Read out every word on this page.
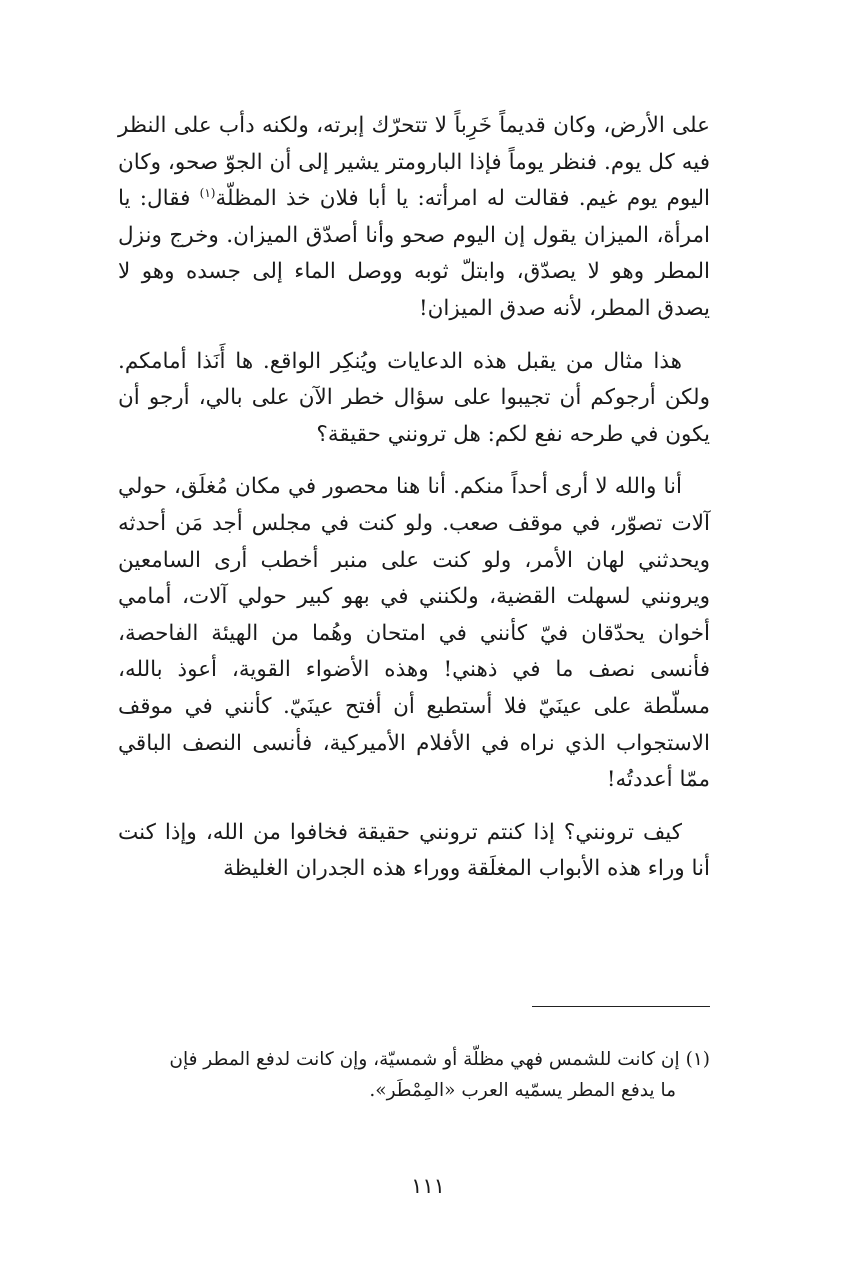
على الأرض، وكان قديماً خَرِباً لا تتحرّك إبرته، ولكنه دأب على النظر فيه كل يوم. فنظر يوماً فإذا البارومتر يشير إلى أن الجوّ صحو، وكان اليوم يوم غيم. فقالت له امرأته: يا أبا فلان خذ المظلّة$^{(١)}$ فقال: يا امرأة، الميزان يقول إن اليوم صحو وأنا أصدّق الميزان. وخرج ونزل المطر وهو لا يصدّق، وابتلّ ثوبه ووصل الماء إلى جسده وهو لا يصدق المطر، لأنه صدق الميزان!

هذا مثال من يقبل هذه الدعايات ويُنكِر الواقع. ها أَنَذا أمامكم. ولكن أرجوكم أن تجيبوا على سؤال خطر الآن على بالي، أرجو أن يكون في طرحه نفع لكم: هل ترونني حقيقة؟

أنا والله لا أرى أحداً منكم. أنا هنا محصور في مكان مُغلَق، حولي آلات تصوّر، في موقف صعب. ولو كنت في مجلس أجد مَن أحدثه ويحدثني لهان الأمر، ولو كنت على منبر أخطب أرى السامعين ويرونني لسهلت القضية، ولكنني في بهو كبير حولي آلات، أمامي أخوان يحدّقان فيّ كأنني في امتحان وهُما من الهيئة الفاحصة، فأنسى نصف ما في ذهني! وهذه الأضواء القوية، أعوذ بالله، مسلّطة على عينَيّ فلا أستطيع أن أفتح عينَيّ. كأنني في موقف الاستجواب الذي نراه في الأفلام الأميركية، فأنسى النصف الباقي ممّا أعددتُه!

كيف ترونني؟ إذا كنتم ترونني حقيقة فخافوا من الله، وإذا كنت أنا وراء هذه الأبواب المغلَقة ووراء هذه الجدران الغليظة

(١)إن كانت للشمس فهي مظلّة أو شمسيّة، وإن كانت لدفع المطر فإن
ما يدفع المطر يسمّيه العرب «المِمْطَر».
١١١
